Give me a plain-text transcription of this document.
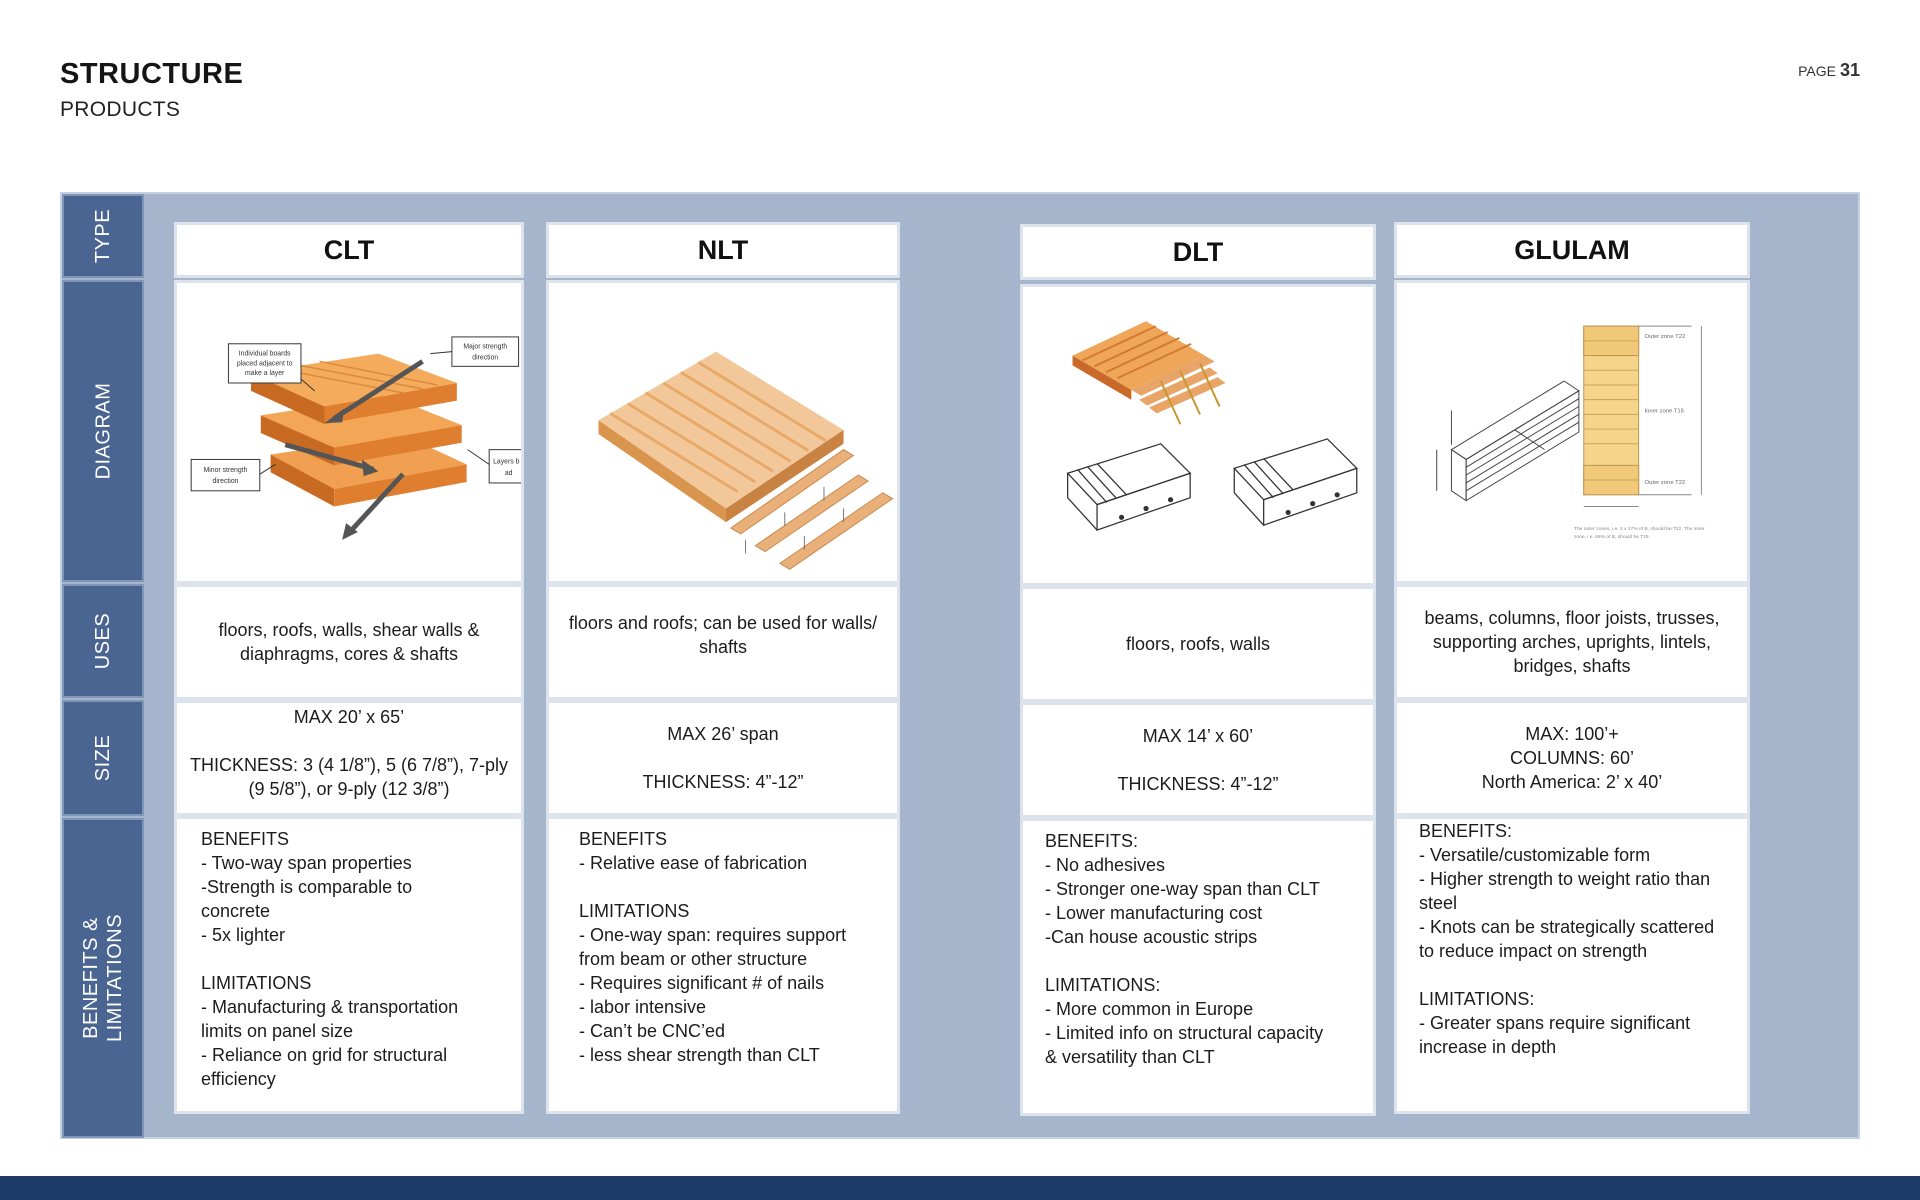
STRUCTURE
PRODUCTS
PAGE 31
TYPE
DIAGRAM
USES
SIZE
BENEFITS &
LIMITATIONS
CLT
Individual boards
placed adjacent to
make a layer
Major strength
direction
Minor strength
direction
Layers b
ad
floors, roofs, walls, shear walls &
diaphragms, cores & shafts
MAX 20’ x 65’

THICKNESS: 3 (4 1/8”), 5 (6 7/8”), 7-ply
(9 5/8”), or 9-ply (12 3/8”)
BENEFITS
- Two-way span properties
-Strength is comparable to
concrete
- 5x lighter

LIMITATIONS
- Manufacturing & transportation
limits on panel size
- Reliance on grid for structural
efficiency
NLT
floors and roofs; can be used for walls/
shafts
MAX 26’ span

THICKNESS: 4”-12”
BENEFITS
- Relative ease of fabrication

LIMITATIONS
- One-way span: requires support
from beam or other structure
- Requires significant # of nails
- labor intensive
- Can’t be CNC’ed
- less shear strength than CLT
DLT
floors, roofs, walls
MAX 14’ x 60’

THICKNESS: 4”-12”
BENEFITS:
- No adhesives
- Stronger one-way span than CLT
- Lower manufacturing cost
-Can house acoustic strips

LIMITATIONS:
- More common in Europe
- Limited info on structural capacity
& versatility than CLT
GLULAM
Outer zone T22
Inner zone T15
Outer zone T22
The outer zones, i.e. 2 x 17% of B, should be T22. The inner
zone, i.e. 66% of B, should be T15.
beams, columns, floor joists, trusses,
supporting arches, uprights, lintels,
bridges, shafts
MAX: 100’+
COLUMNS: 60’
North America: 2’ x 40’
BENEFITS:
- Versatile/customizable form
- Higher strength to weight ratio than
steel
- Knots can be strategically scattered
to reduce impact on strength

LIMITATIONS:
- Greater spans require significant
increase in depth
